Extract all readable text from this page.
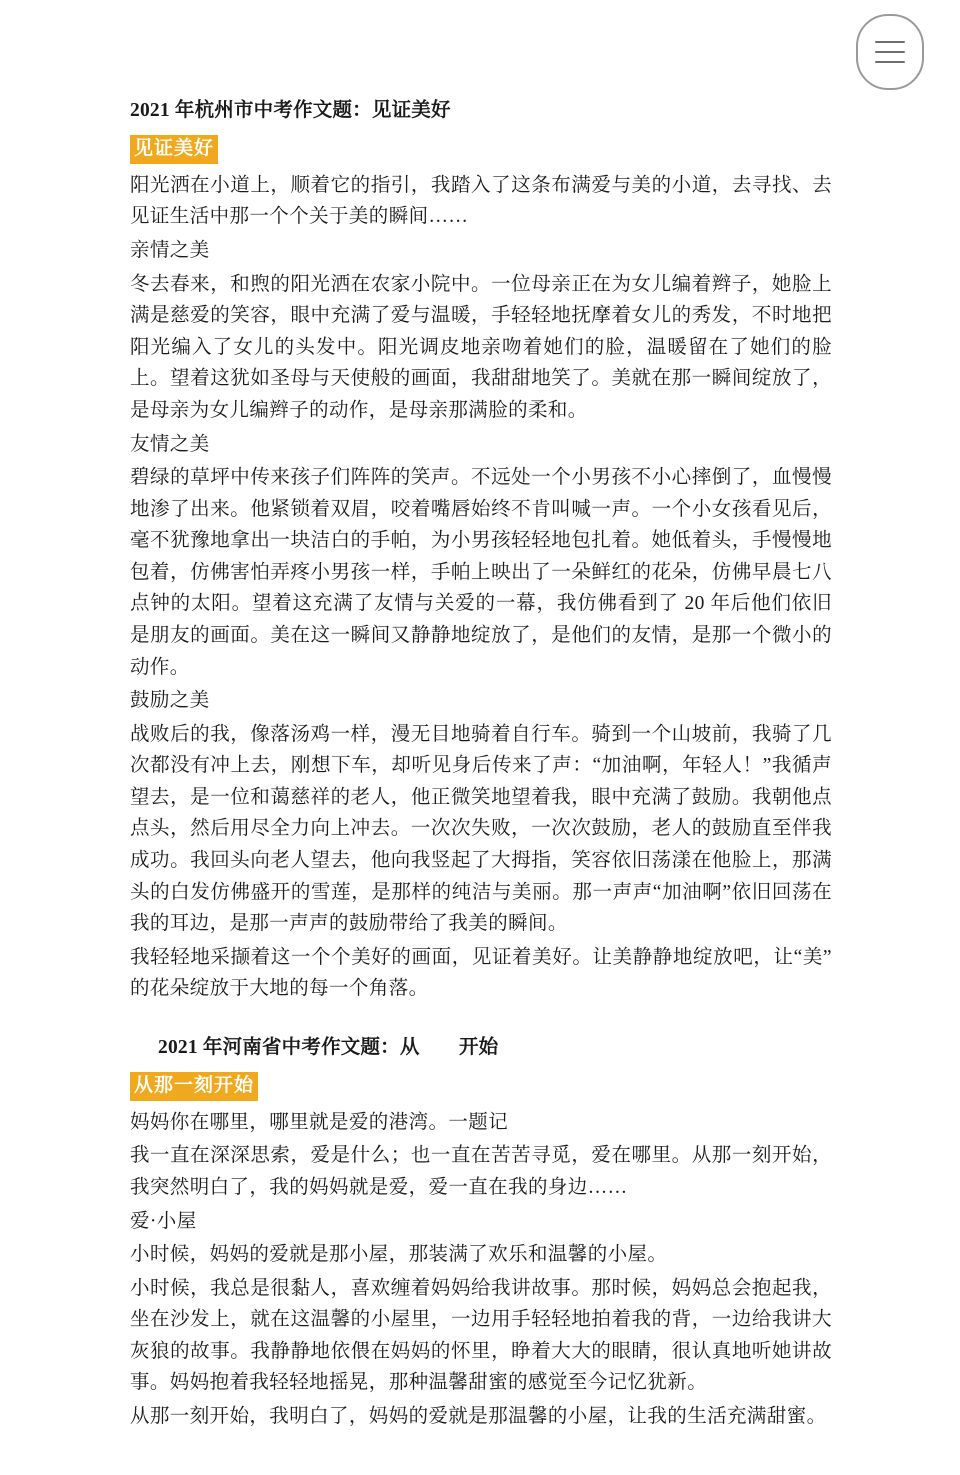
2021 年杭州市中考作文题：见证美好
见证美好

阳光洒在小道上，顺着它的指引，我踏入了这条布满爱与美的小道，去寻找、去见证生活中那一个个关于美的瞬间……

亲情之美

冬去春来，和煦的阳光洒在农家小院中。一位母亲正在为女儿编着辫子，她脸上满是慈爱的笑容，眼中充满了爱与温暖，手轻轻地抚摩着女儿的秀发，不时地把阳光编入了女儿的头发中。阳光调皮地亲吻着她们的脸，温暖留在了她们的脸上。望着这犹如圣母与天使般的画面，我甜甜地笑了。美就在那一瞬间绽放了，是母亲为女儿编辫子的动作，是母亲那满脸的柔和。

友情之美

碧绿的草坪中传来孩子们阵阵的笑声。不远处一个小男孩不小心摔倒了，血慢慢地渗了出来。他紧锁着双眉，咬着嘴唇始终不肯叫喊一声。一个小女孩看见后，毫不犹豫地拿出一块洁白的手帕，为小男孩轻轻地包扎着。她低着头，手慢慢地包着，仿佛害怕弄疼小男孩一样，手帕上映出了一朵鲜红的花朵，仿佛早晨七八点钟的太阳。望着这充满了友情与关爱的一幕，我仿佛看到了 20 年后他们依旧是朋友的画面。美在这一瞬间又静静地绽放了，是他们的友情，是那一个微小的动作。

鼓励之美

战败后的我，像落汤鸡一样，漫无目地骑着自行车。骑到一个山坡前，我骑了几次都没有冲上去，刚想下车，却听见身后传来了声：“加油啊，年轻人！”我循声望去，是一位和蔼慈祥的老人，他正微笑地望着我，眼中充满了鼓励。我朝他点点头，然后用尽全力向上冲去。一次次失败，一次次鼓励，老人的鼓励直至伴我成功。我回头向老人望去，他向我竖起了大拇指，笑容依旧荡漾在他脸上，那满头的白发仿佛盛开的雪莲，是那样的纯洁与美丽。那一声声“加油啊”依旧回荡在我的耳边，是那一声声的鼓励带给了我美的瞬间。

我轻轻地采撷着这一个个美好的画面，见证着美好。让美静静地绽放吧，让“美”的花朵绽放于大地的每一个角落。

2021 年河南省中考作文题：从　　开始
从那一刻开始

妈妈你在哪里，哪里就是爱的港湾。一题记

我一直在深深思索，爱是什么；也一直在苦苦寻觅，爱在哪里。从那一刻开始，我突然明白了，我的妈妈就是爱，爱一直在我的身边……

爱·小屋

小时候，妈妈的爱就是那小屋，那装满了欢乐和温馨的小屋。

小时候，我总是很黏人，喜欢缠着妈妈给我讲故事。那时候，妈妈总会抱起我，坐在沙发上，就在这温馨的小屋里，一边用手轻轻地拍着我的背，一边给我讲大灰狼的故事。我静静地依偎在妈妈的怀里，睁着大大的眼睛，很认真地听她讲故事。妈妈抱着我轻轻地摇晃，那种温馨甜蜜的感觉至今记忆犹新。

从那一刻开始，我明白了，妈妈的爱就是那温馨的小屋，让我的生活充满甜蜜。
